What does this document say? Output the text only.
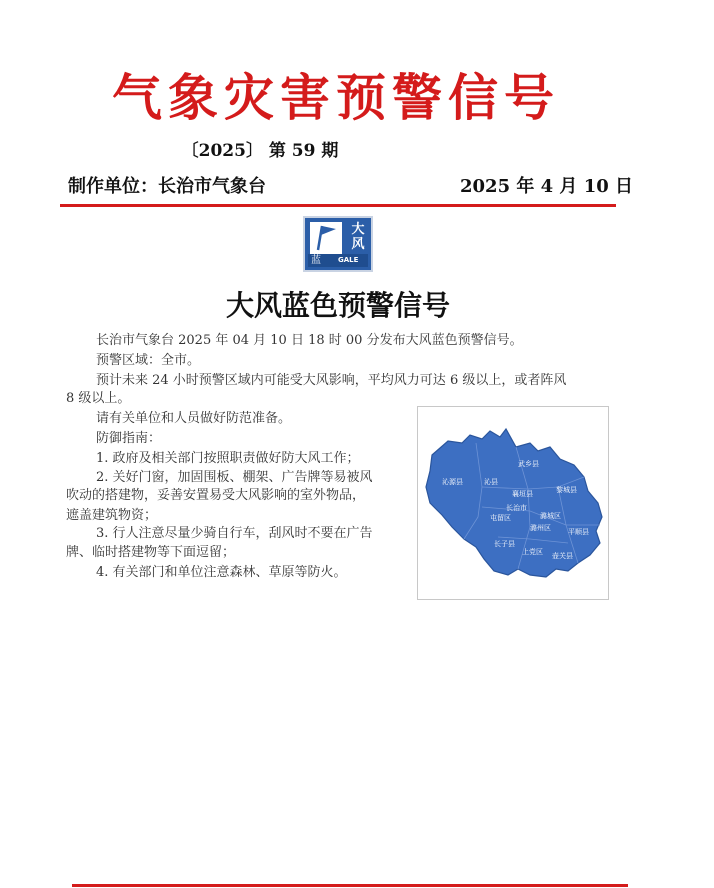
气象灾害预警信号
〔2025〕 第 59 期
制作单位：长治市气象台	2025 年 4 月 10 日
大
风
蓝 GALE
大风蓝色预警信号
长治市气象台 2025 年 04 月 10 日 18 时 00 分发布大风蓝色预警信号。
预警区域：全市。
预计未来 24 小时预警区域内可能受大风影响，平均风力可达 6 级以上，或者阵风
8 级以上。
请有关单位和人员做好防范准备。
防御指南：
1. 政府及相关部门按照职责做好防大风工作；
2. 关好门窗，加固围板、棚架、广告牌等易被风
吹动的搭建物，妥善安置易受大风影响的室外物品，
遮盖建筑物资；
3. 行人注意尽量少骑自行车，刮风时不要在广告
牌、临时搭建物等下面逗留；
4. 有关部门和单位注意森林、草原等防火。
沁源县	沁县
武乡县
襄垣县	黎城县
屯留区
长治市
潞城区
潞州区 平顺县
长子县
上党区 壶关县
